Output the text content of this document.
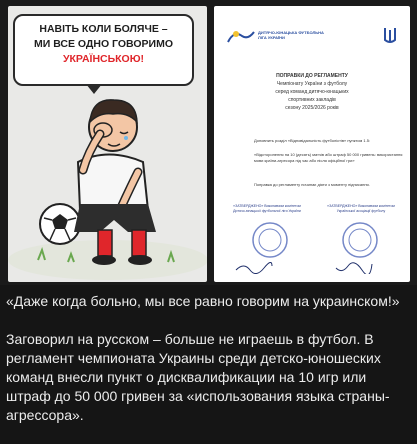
НАВІТЬ КОЛИ БОЛЯЧЕ –
МИ ВСЕ ОДНО ГОВОРИМО
УКРАЇНСЬКОЮ!
ДИТЯЧО-ЮНАЦЬКА ФУТБОЛЬНА ЛІГА УКРАЇНИ
ПОПРАВКИ ДО РЕГЛАМЕНТУ
Чемпіонату України з футболу
серед команд дитячо-юнацьких
спортивних закладів
сезону 2025/2026 років
Доповнить розділ «Відповідальність футболістів» пунктом 1.5:
«Відсторонення на 10 (десять) матчів або штраф 50 000 гривень: використання мови країни-агресора під час або після офіційної гри»
Поправка до регламенту починає діяти з моменту підписання.
«ЗАТВЕРДЖЕНО» Виконавчим комітетом Дитячо-юнацької футбольної ліги України
«ЗАТВЕРДЖЕНО» Виконавчим комітетом Української асоціації футболу

«Даже когда больно, мы все равно говорим на украинском!»

Заговорил на русском – больше не играешь в футбол. В регламент чемпионата Украины среди детско-юношеских команд внесли пункт о дисквалификации на 10 игр или штраф до 50 000 гривен за «использования языка страны-агрессора».
